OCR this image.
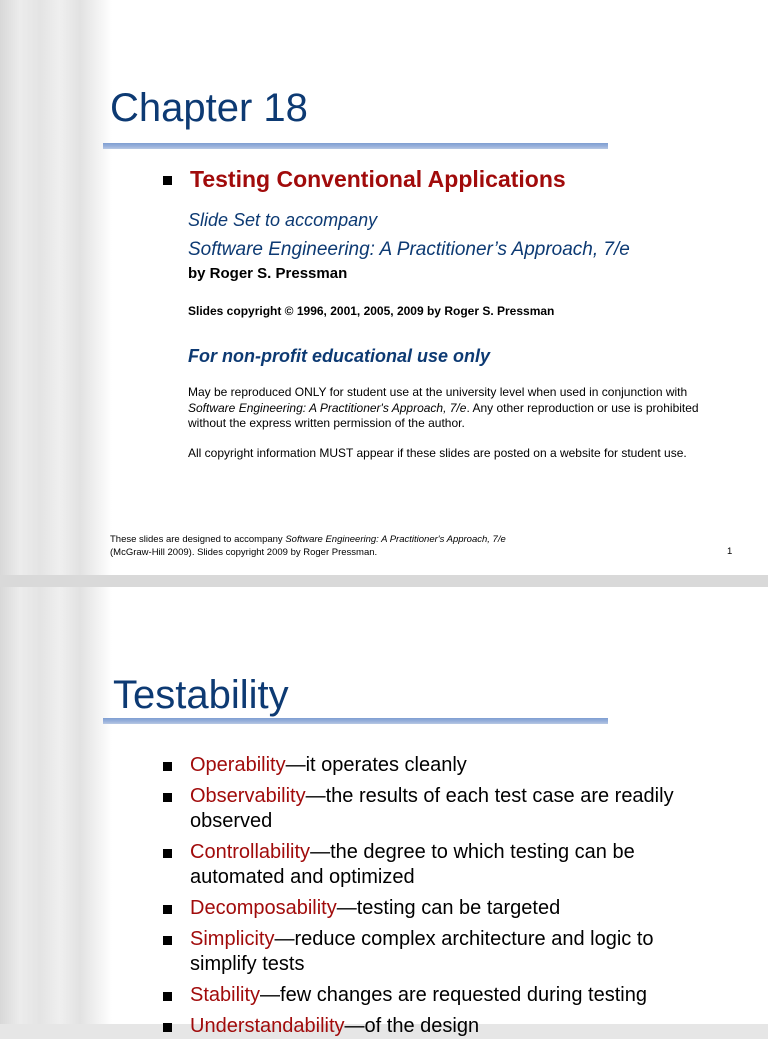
Chapter 18
Testing Conventional Applications
Slide Set to accompany
Software Engineering: A Practitioner’s Approach, 7/e
by Roger S. Pressman
Slides copyright © 1996, 2001, 2005, 2009 by Roger S. Pressman
For non-profit educational use only
May be reproduced ONLY for student use at the university level when used in conjunction with Software Engineering: A Practitioner's Approach, 7/e. Any other reproduction or use is prohibited without the express written permission of the author.
All copyright information MUST appear if these slides are posted on a website for student use.
These slides are designed to accompany Software Engineering: A Practitioner's Approach, 7/e
(McGraw-Hill 2009). Slides copyright 2009 by Roger Pressman.	1
Testability
Operability—it operates cleanly
Observability—the results of each test case are readily observed
Controllability—the degree to which testing can be automated and optimized
Decomposability—testing can be targeted
Simplicity—reduce complex architecture and logic to simplify tests
Stability—few changes are requested during testing
Understandability—of the design
